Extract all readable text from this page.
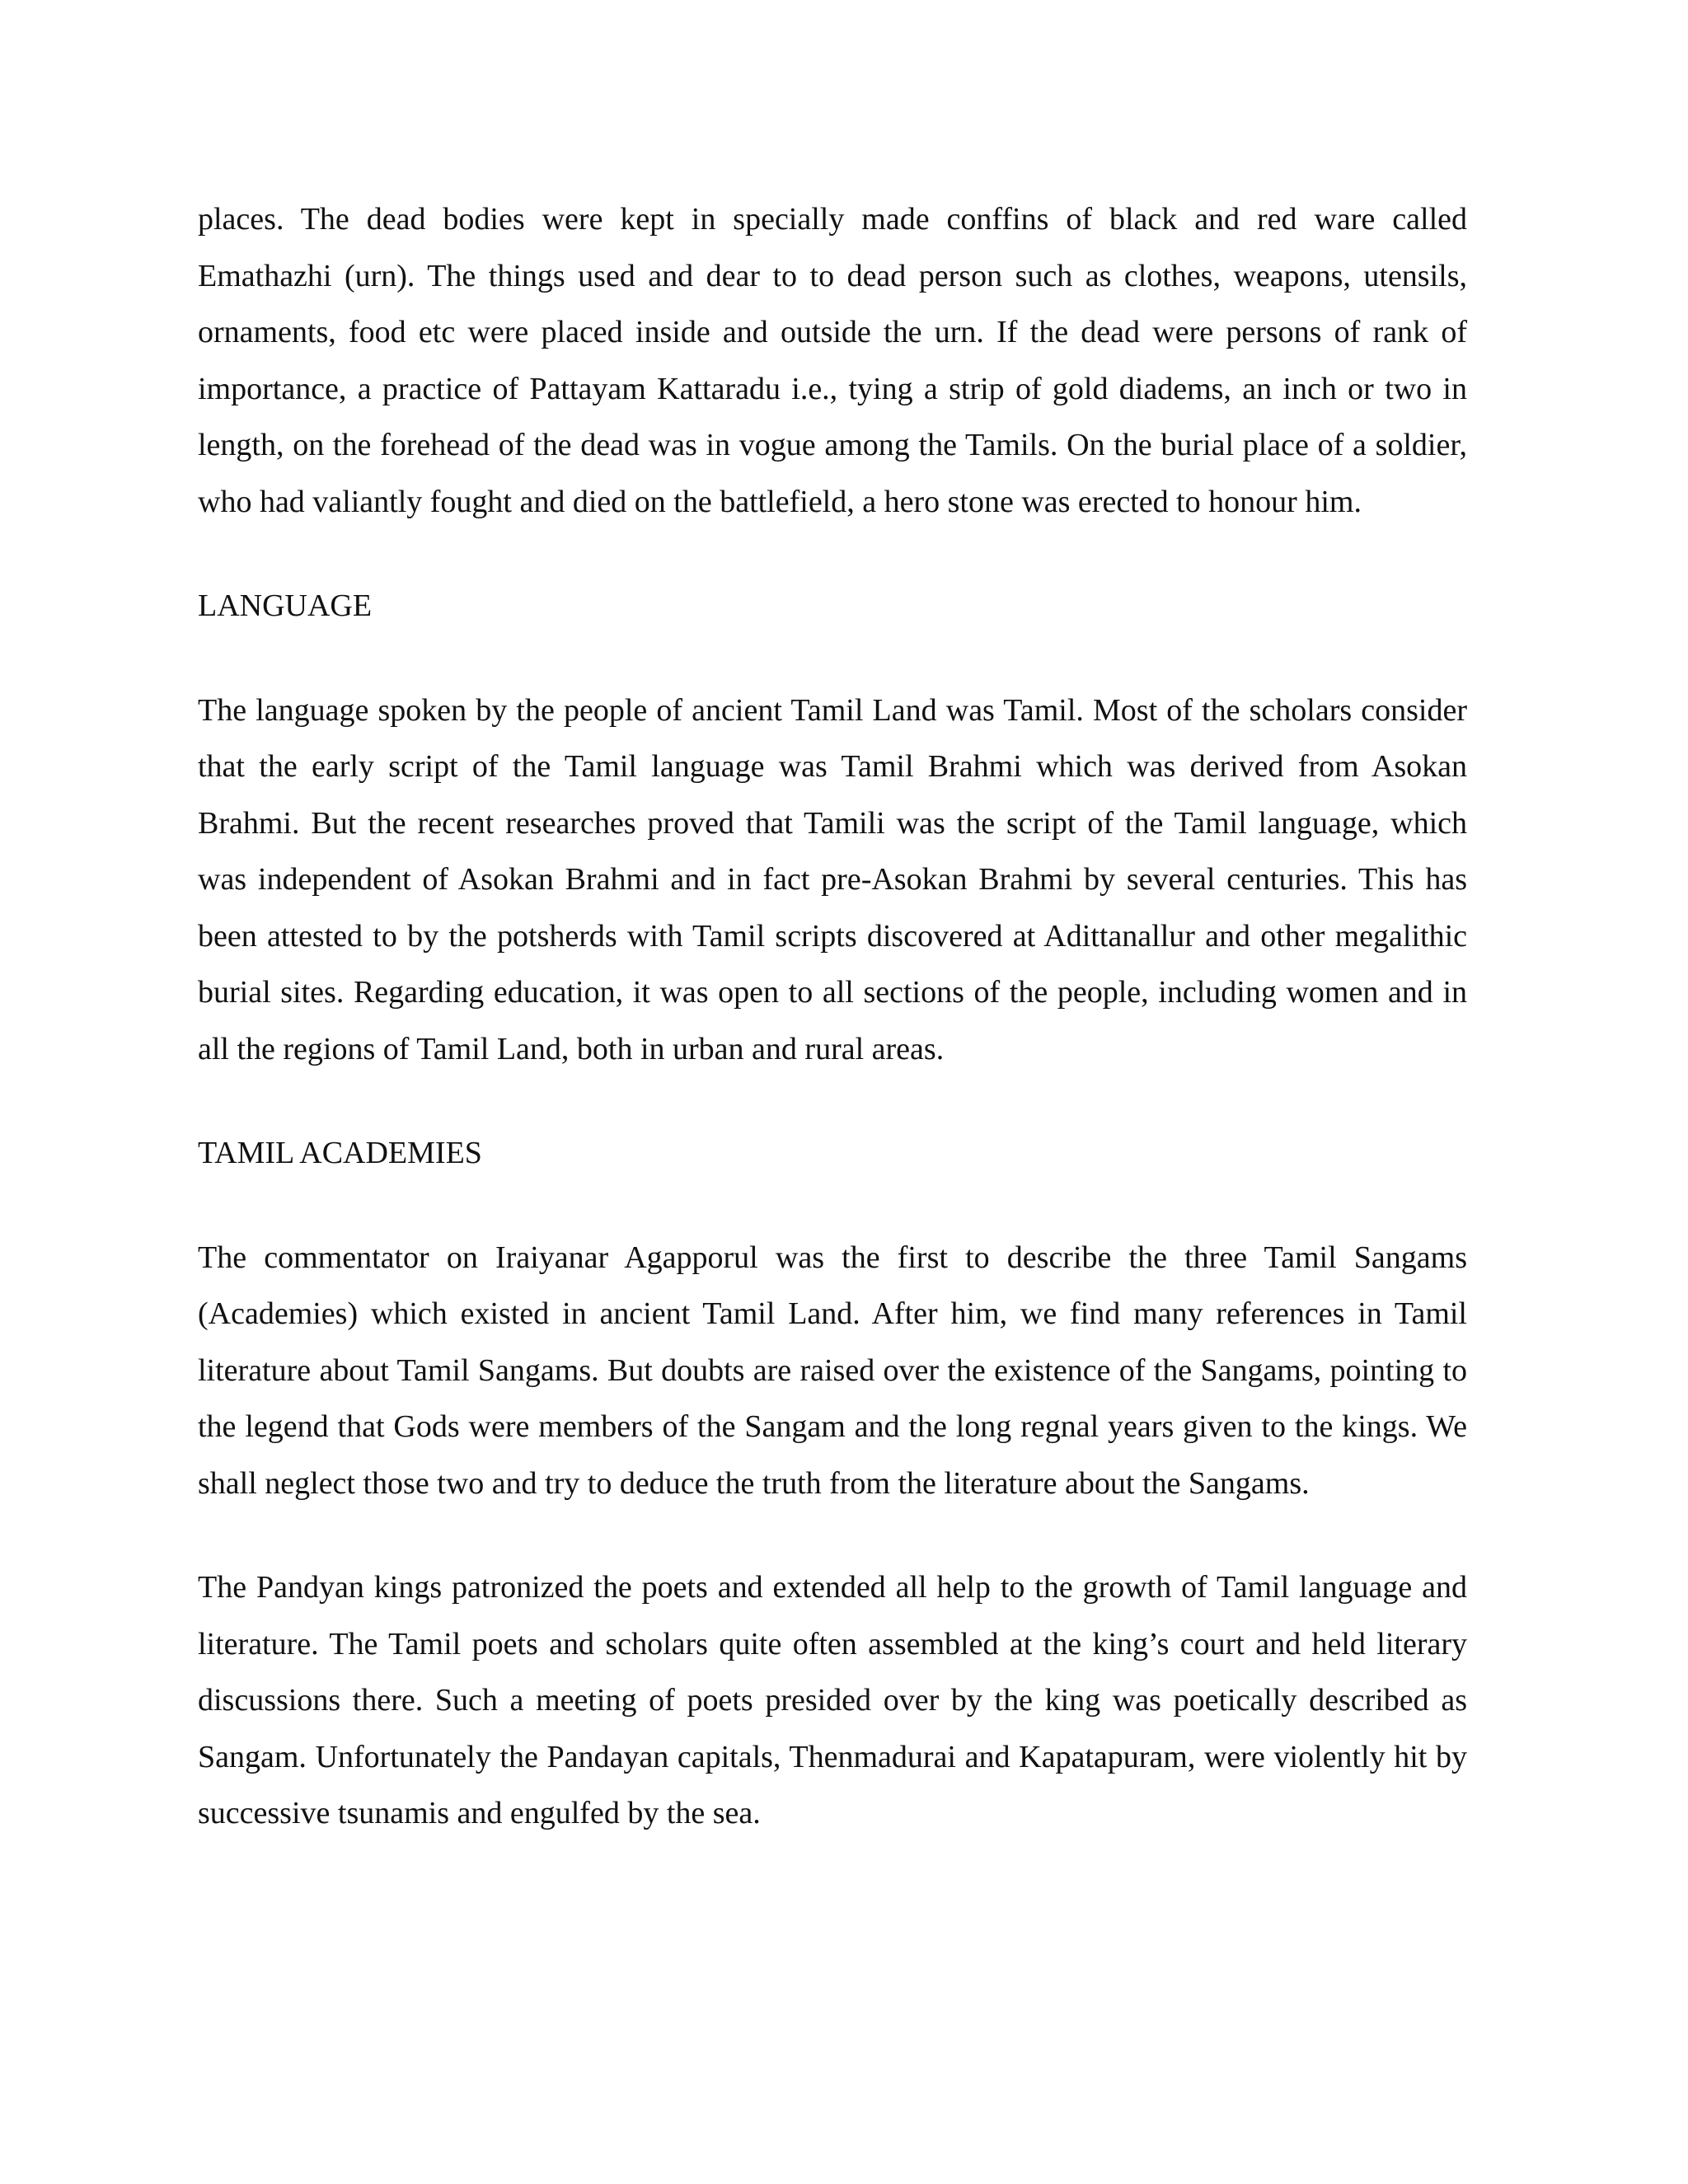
places. The dead bodies were kept in specially made conffins of black and red ware called Emathazhi (urn). The things used and dear to to dead person such as clothes, weapons, utensils, ornaments, food etc were placed inside and outside the urn. If the dead were persons of rank of importance, a practice of Pattayam Kattaradu i.e., tying a strip of gold diadems, an inch or two in length, on the forehead of the dead was in vogue among the Tamils. On the burial place of a soldier, who had valiantly fought and died on the battlefield, a hero stone was erected to honour him.

LANGUAGE

The language spoken by the people of ancient Tamil Land was Tamil. Most of the scholars consider that the early script of the Tamil language was Tamil Brahmi which was derived from Asokan Brahmi. But the recent researches proved that Tamili was the script of the Tamil language, which was independent of Asokan Brahmi and in fact pre-Asokan Brahmi by several centuries. This has been attested to by the potsherds with Tamil scripts discovered at Adittanallur and other megalithic burial sites. Regarding education, it was open to all sections of the people, including women and in all the regions of Tamil Land, both in urban and rural areas.

TAMIL ACADEMIES

The commentator on Iraiyanar Agapporul was the first to describe the three Tamil Sangams (Academies) which existed in ancient Tamil Land. After him, we find many references in Tamil literature about Tamil Sangams. But doubts are raised over the existence of the Sangams, pointing to the legend that Gods were members of the Sangam and the long regnal years given to the kings. We shall neglect those two and try to deduce the truth from the literature about the Sangams.

The Pandyan kings patronized the poets and extended all help to the growth of Tamil language and literature. The Tamil poets and scholars quite often assembled at the king’s court and held literary discussions there. Such a meeting of poets presided over by the king was poetically described as Sangam. Unfortunately the Pandayan capitals, Thenmadurai and Kapatapuram, were violently hit by successive tsunamis and engulfed by the sea.
